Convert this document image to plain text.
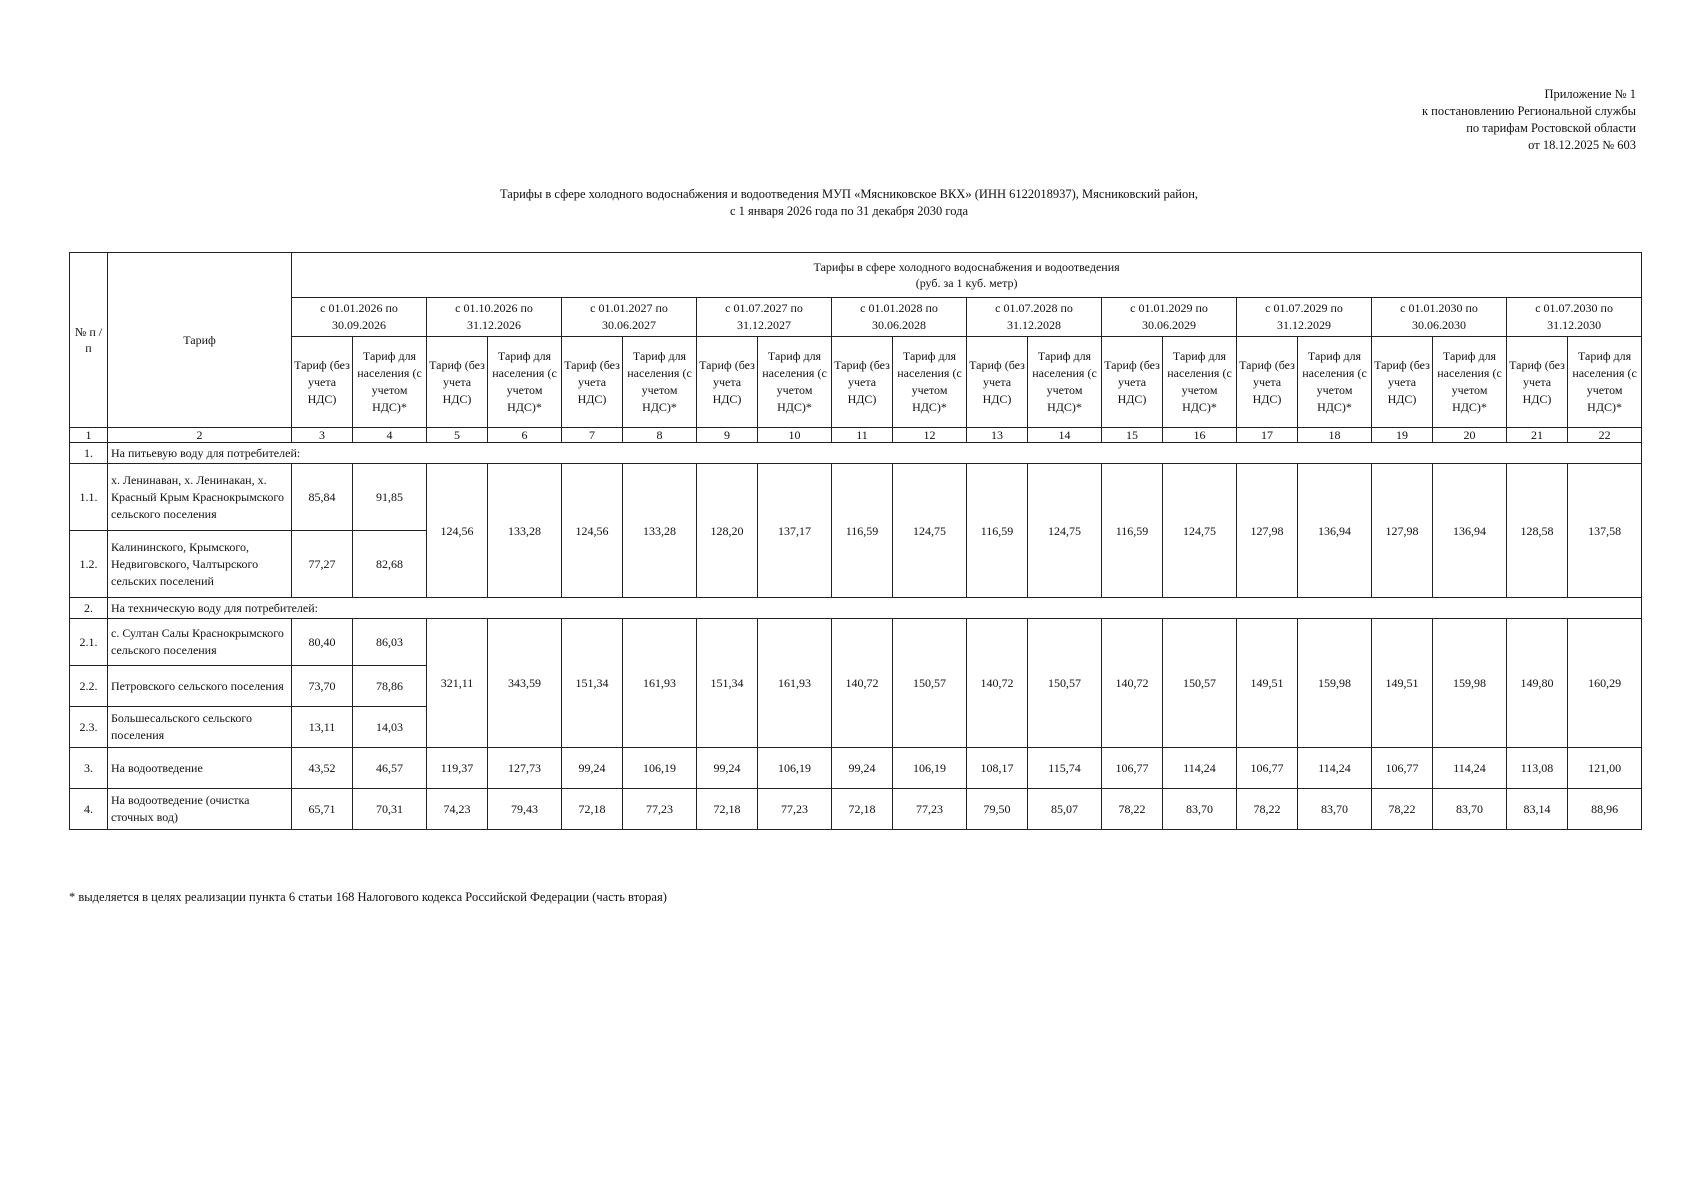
Приложение № 1
к постановлению Региональной службы
по тарифам Ростовской области
от 18.12.2025 № 603
Тарифы в сфере холодного водоснабжения и водоотведения МУП «Мясниковское ВКХ» (ИНН 6122018937), Мясниковский район,
с 1 января 2026 года по 31 декабря 2030 года
№ п /п	Тариф	Тарифы в сфере холодного водоснабжения и водоотведения
(руб. за 1 куб. метр)																			

		с 01.01.2026 по 30.09.2026		с 01.10.2026 по 31.12.2026		с 01.01.2027 по 30.06.2027		с 01.07.2027 по 31.12.2027		с 01.01.2028 по 30.06.2028		с 01.07.2028 по 31.12.2028		с 01.01.2029 по 30.06.2029		с 01.07.2029 по 31.12.2029		с 01.01.2030 по 30.06.2030		с 01.07.2030 по 31.12.2030	
		Тариф (без учета НДС)	Тариф для населения (с учетом НДС)*	Тариф (без учета НДС)	Тариф для населения (с учетом НДС)*	Тариф (без учета НДС)	Тариф для населения (с учетом НДС)*	Тариф (без учета НДС)	Тариф для населения (с учетом НДС)*	Тариф (без учета НДС)	Тариф для населения (с учетом НДС)*	Тариф (без учета НДС)	Тариф для населения (с учетом НДС)*	Тариф (без учета НДС)	Тариф для населения (с учетом НДС)*	Тариф (без учета НДС)	Тариф для населения (с учетом НДС)*	Тариф (без учета НДС)	Тариф для населения (с учетом НДС)*	Тариф (без учета НДС)	Тариф для населения (с учетом НДС)*
1	2	3	4	5	6	7	8	9	10	11	12	13	14	15	16	17	18	19	20	21	22
1.	На питьевую воду для потребителей:																				
1.1.	х. Ленинаван, х. Ленинакан, х. Красный Крым Краснокрымского сельского поселения	85,84	91,85	124,56	133,28	124,56	133,28	128,20	137,17	116,59	124,75	116,59	124,75	116,59	124,75	127,98	136,94	127,98	136,94	128,58	137,58
1.2.	Калининского, Крымского, Недвиговского, Чалтырского сельских поселений	77,27	82,68																		
2.	На техническую воду для потребителей:																				
2.1.	с. Султан Салы Краснокрымского сельского поселения	80,40	86,03	321,11	343,59	151,34	161,93	151,34	161,93	140,72	150,57	140,72	150,57	140,72	150,57	149,51	159,98	149,51	159,98	149,80	160,29
2.2.	Петровского сельского поселения	73,70	78,86																		
2.3.	Большесальского сельского поселения	13,11	14,03																		
3.	На водоотведение	43,52	46,57	119,37	127,73	99,24	106,19	99,24	106,19	99,24	106,19	108,17	115,74	106,77	114,24	106,77	114,24	106,77	114,24	113,08	121,00
4.	На водоотведение (очистка сточных вод)	65,71	70,31	74,23	79,43	72,18	77,23	72,18	77,23	72,18	77,23	79,50	85,07	78,22	83,70	78,22	83,70	78,22	83,70	83,14	88,96
* выделяется в целях реализации пункта 6 статьи 168 Налогового кодекса Российской Федерации (часть вторая)
